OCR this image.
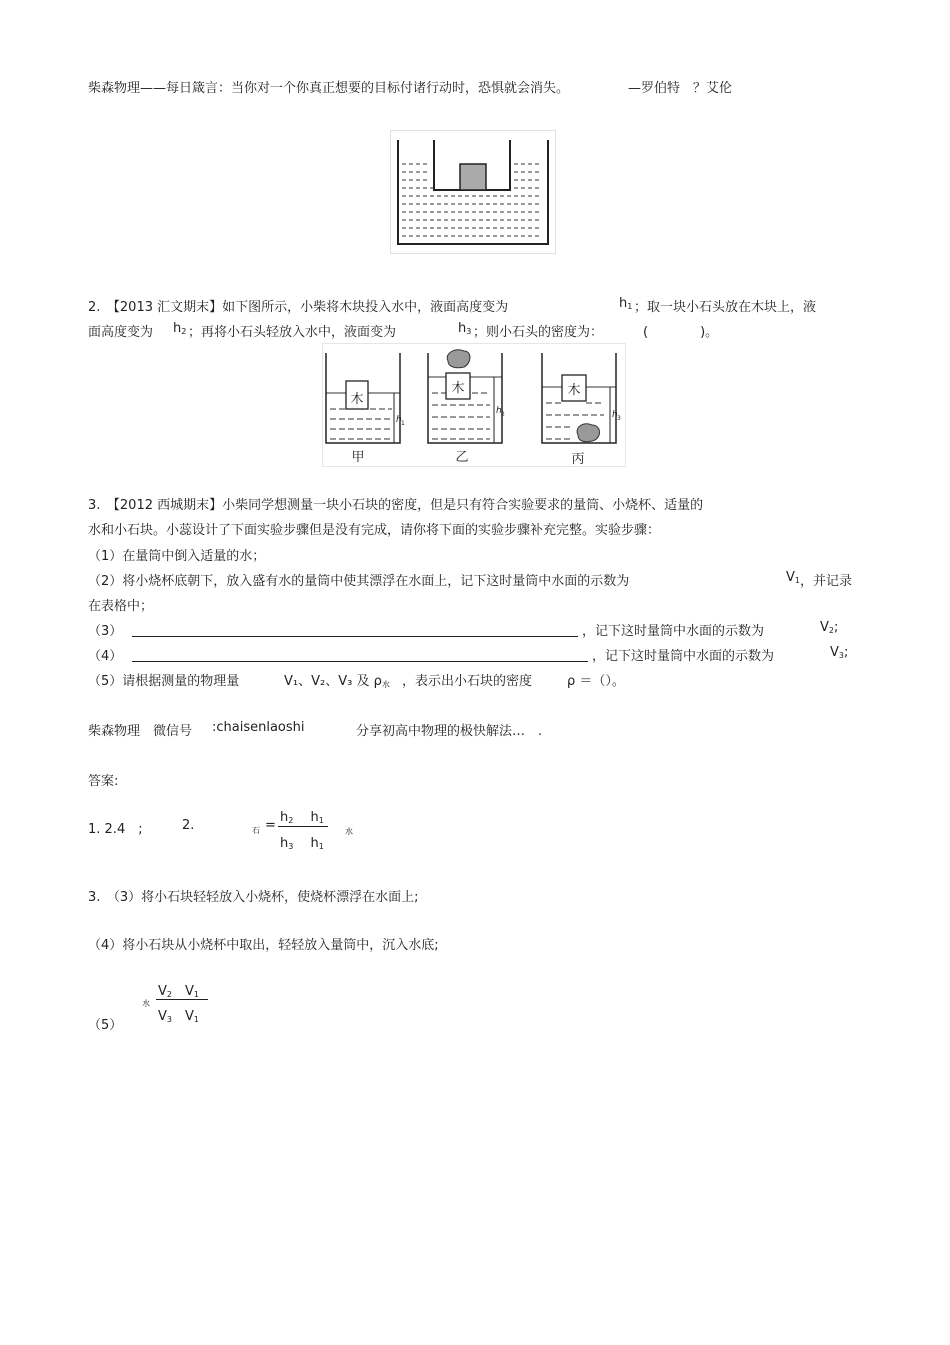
柴森物理——每日箴言：当你对一个你真正想要的目标付诸行动时，恐惧就会消失。	—罗伯特　？艾伦
2.　【2013 汇文期末】如下图所示，小柴将木块投入水中，液面高度变为	$h_1$ ；取一块小石头放在木块上，液
面高度变为 $h_2$ ；再将小石头轻放入水中，液面变为	$h_3$ ；则小石头的密度为：	(　　　　)。
木
h 1
甲
木
h 2
乙
木
h 3
丙
3.　【2012 西城期末】小柴同学想测量一块小石块的密度，但是只有符合实验要求的量筒、小烧杯、适量的
水和小石块。小蕊设计了下面实验步骤但是没有完成，请你将下面的实验步骤补充完整。实验步骤：
（1）在量筒中倒入适量的水；
（2）将小烧杯底朝下，放入盛有水的量筒中使其漂浮在水面上，记下这时量筒中水面的示数为	$V_1$ ，并记录
在表格中；
（3）	，记下这时量筒中水面的示数为	$V_2$;
（4）	，记下这时量筒中水面的示数为	$V_3$;
（5）请根据测量的物理量	V₁、V₂、V₃ 及 $\rho_水$ ，表示出小石块的密度	ρ ＝（）。
柴森物理　微信号 :chaisenlaoshi	分享初高中物理的极快解法…　.
答案:
1. 2.4　;	2.	石 =
$h_2$　 $h_1$
$h_3$　 $h_1$
水
3.　（3）将小石块轻轻放入小烧杯，使烧杯漂浮在水面上;
（4）将小石块从小烧杯中取出，轻轻放入量筒中，沉入水底;
水
$V_2$　$V_1$
$V_3$　$V_1$
（5）
